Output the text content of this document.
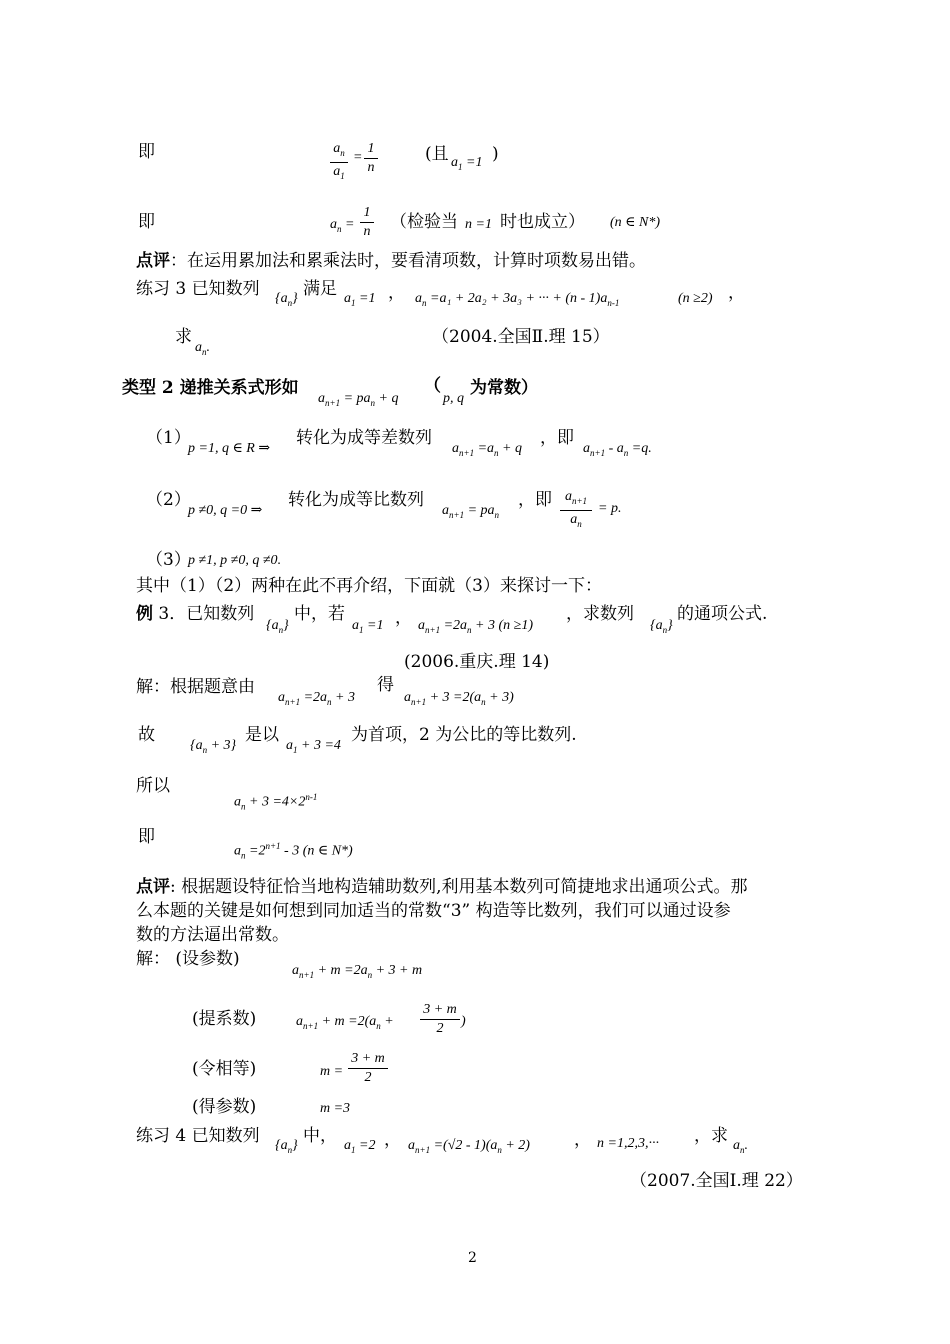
即	$\frac{a_n}{a_1} = \frac{1}{n}$	(且 $a_1 =1$ )
即	$a_n = \frac{1}{n}$ （检验当 n =1 时也成立） (n ∈ N*)
点评：在运用累加法和累乘法时，要看清项数，计算时项数易出错。
练习 3 已知数列 $\{a_n\}$ 满足 $a_1 =1$ ， $a_n =a_1 + 2a_2 + 3a_3$ + ··· + $(n - 1)a_{n-1}$	(n ≥2) ，
求
$a_n$.
（2004.全国Ⅱ.理 15）
类型 2 递推关系式形如
$a_{n+1} = pa_n + q$
（
p, q
为常数）
（1）
p =1, q ∈ R ⇒
转化为成等差数列
$a_{n+1} =a_n + q$
，即
$a_{n+1} - a_n =q$.
（2）
p ≠0, q =0 ⇒
转化为成等比数列
$a_{n+1} = pa_n$
，即 $\frac{a_{n+1}}{a_n} = p$.
（3）
p ≠1, p ≠0, q ≠0.
其中（1）（2）两种在此不再介绍，下面就（3）来探讨一下：
例 3．已知数列
$\{a_n\}$
中，若
$a_1 =1$ ， $a_{n+1} =2a_n + 3$ (n ≥1)
，求数列
$\{a_n\}$
的通项公式.
(2006.重庆.理 14)
解：根据题意由
$a_{n+1} =2a_n + 3$
得
$a_{n+1} + 3 =2(a_n + 3)$
故
$\{a_n + 3\}$
是以
$a_1 + 3 =4$
为首项，2 为公比的等比数列.
所以
$a_n + 3 =4\times 2^{n-1}$
即
$a_n =2^{n+1} - 3$ (n ∈ N*)
点评: 根据题设特征恰当地构造辅助数列,利用基本数列可简捷地求出通项公式。那
么本题的关键是如何想到同加适当的常数“3” 构造等比数列，我们可以通过设参
数的方法逼出常数。
解： (设参数)
$a_{n+1} + m =2a_n + 3 + m$
(提系数)	$a_{n+1} + m =2(a_n + \frac{3 + m}{2}$ )
(令相等)	$m = \frac{3 + m}{2}$
(得参数)	m =3
练习 4 已知数列 $\{a_n\}$ 中， $a_1 =2$ ， $a_{n+1} =(√2 - 1)(a_n + 2)$	， n =1,2,3,··· ，求 $a_n$.
（2007.全国Ⅰ.理 22）
2
